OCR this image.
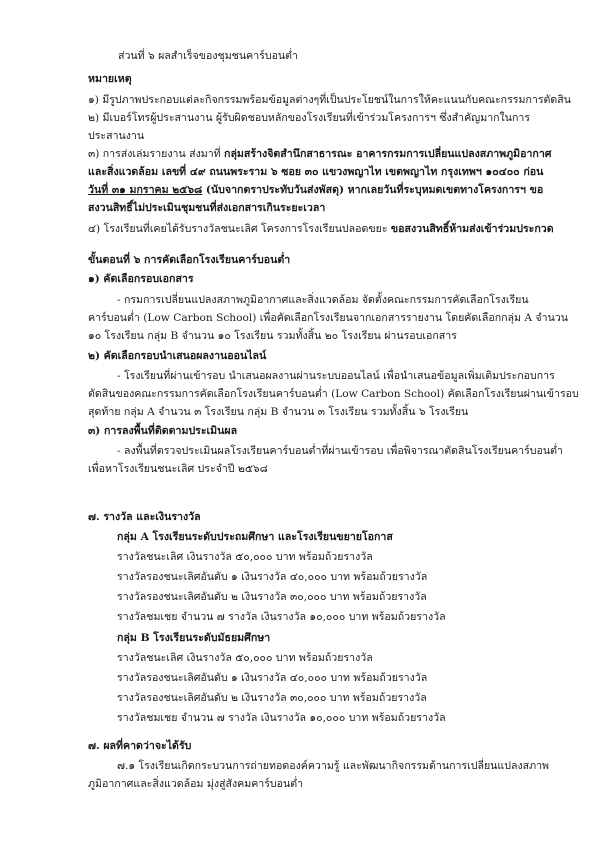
ส่วนที่ ๖ ผลสำเร็จของชุมชนคาร์บอนต่ำ
หมายเหตุ
๑) มีรูปภาพประกอบแต่ละกิจกรรมพร้อมข้อมูลต่างๆที่เป็นประโยชน์ในการให้คะแนนกับคณะกรรมการตัดสิน
๒) มีเบอร์โทรผู้ประสานงาน ผู้รับผิดชอบหลักของโรงเรียนที่เข้าร่วมโครงการฯ ซึ่งสำคัญมากในการ
ประสานงาน
๓) การส่งเล่มรายงาน ส่งมาที่ กลุ่มสร้างจิตสำนึกสาธารณะ อาคารกรมการเปลี่ยนแปลงสภาพภูมิอากาศ
และสิ่งแวดล้อม เลขที่ ๔๙ ถนนพระราม ๖ ซอย ๓๐ แขวงพญาไท เขตพญาไท กรุงเทพฯ ๑๐๔๐๐ ก่อน
วันที่ ๓๑ มกราคม ๒๕๖๘ (นับจากตราประทับวันส่งพัสดุ) หากเลยวันที่ระบุหมดเขตทางโครงการฯ ขอ
สงวนสิทธิ์ไม่ประเมินชุมชนที่ส่งเอกสารเกินระยะเวลา
๔) โรงเรียนที่เคยได้รับรางวัลชนะเลิศ โครงการโรงเรียนปลอดขยะ ขอสงวนสิทธิ์ห้ามส่งเข้าร่วมประกวด
ขั้นตอนที่ ๖ การคัดเลือกโรงเรียนคาร์บอนต่ำ
๑) คัดเลือกรอบเอกสาร
- กรมการเปลี่ยนแปลงสภาพภูมิอากาศและสิ่งแวดล้อม จัดตั้งคณะกรรมการคัดเลือกโรงเรียน
คาร์บอนต่ำ (Low Carbon School) เพื่อคัดเลือกโรงเรียนจากเอกสารรายงาน โดยคัดเลือกกลุ่ม A จำนวน
๑๐ โรงเรียน กลุ่ม B จำนวน ๑๐ โรงเรียน รวมทั้งสิ้น ๒๐ โรงเรียน ผ่านรอบเอกสาร
๒) คัดเลือกรอบนำเสนอผลงานออนไลน์
- โรงเรียนที่ผ่านเข้ารอบ นำเสนอผลงานผ่านระบบออนไลน์ เพื่อนำเสนอข้อมูลเพิ่มเติมประกอบการ
ตัดสินของคณะกรรมการคัดเลือกโรงเรียนคาร์บอนต่ำ (Low Carbon School) คัดเลือกโรงเรียนผ่านเข้ารอบ
สุดท้าย กลุ่ม A จำนวน ๓ โรงเรียน กลุ่ม B จำนวน ๓ โรงเรียน รวมทั้งสิ้น ๖ โรงเรียน
๓) การลงพื้นที่ติดตามประเมินผล
- ลงพื้นที่ตรวจประเมินผลโรงเรียนคาร์บอนต่ำที่ผ่านเข้ารอบ เพื่อพิจารณาตัดสินโรงเรียนคาร์บอนต่ำ
เพื่อหาโรงเรียนชนะเลิศ ประจำปี ๒๕๖๘
๗. รางวัล และเงินรางวัล
กลุ่ม A โรงเรียนระดับประถมศึกษา และโรงเรียนขยายโอกาส
รางวัลชนะเลิศ เงินรางวัล ๕๐,๐๐๐ บาท พร้อมถ้วยรางวัล
รางวัลรองชนะเลิศอันดับ ๑ เงินรางวัล ๔๐,๐๐๐ บาท พร้อมถ้วยรางวัล
รางวัลรองชนะเลิศอันดับ ๒ เงินรางวัล ๓๐,๐๐๐ บาท พร้อมถ้วยรางวัล
รางวัลชมเชย จำนวน ๗ รางวัล เงินรางวัล ๑๐,๐๐๐ บาท พร้อมถ้วยรางวัล
กลุ่ม B โรงเรียนระดับมัธยมศึกษา
รางวัลชนะเลิศ เงินรางวัล ๕๐,๐๐๐ บาท พร้อมถ้วยรางวัล
รางวัลรองชนะเลิศอันดับ ๑ เงินรางวัล ๔๐,๐๐๐ บาท พร้อมถ้วยรางวัล
รางวัลรองชนะเลิศอันดับ ๒ เงินรางวัล ๓๐,๐๐๐ บาท พร้อมถ้วยรางวัล
รางวัลชมเชย จำนวน ๗ รางวัล เงินรางวัล ๑๐,๐๐๐ บาท พร้อมถ้วยรางวัล
๗. ผลที่คาดว่าจะได้รับ
๗.๑ โรงเรียนเกิดกระบวนการถ่ายทอดองค์ความรู้ และพัฒนากิจกรรมด้านการเปลี่ยนแปลงสภาพ
ภูมิอากาศและสิ่งแวดล้อม มุ่งสู่สังคมคาร์บอนต่ำ
